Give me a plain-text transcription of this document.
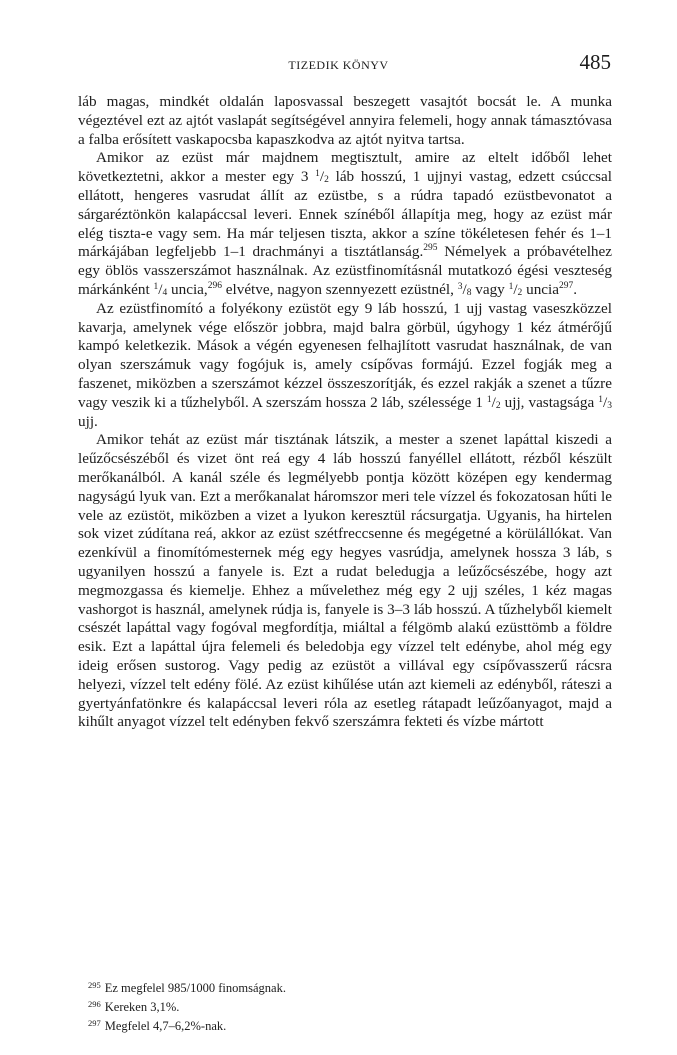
TIZEDIK KÖNYV	485

láb magas, mindkét oldalán laposvassal beszegett vasajtót bocsát le. A munka végeztével ezt az ajtót vaslapát segítségével annyira felemeli, hogy annak támasztóvasa a falba erősített vaskapocsba kapaszkodva az ajtót nyitva tartsa.

Amikor az ezüst már majdnem megtisztult, amire az eltelt időből lehet következtetni, akkor a mester egy 3 $^1/_2$ láb hosszú, 1 ujjnyi vastag, edzett csúccsal ellátott, hengeres vasrudat állít az ezüstbe, s a rúdra tapadó ezüstbevonatot a sárgaréztönkön kalapáccsal leveri. Ennek színéből állapítja meg, hogy az ezüst már elég tiszta-e vagy sem. Ha már teljesen tiszta, akkor a színe tökéletesen fehér és 1–1 márkájában legfeljebb 1–1 drachmányi a tisztátlanság.$^{295}$ Némelyek a próbavételhez egy öblös vasszerszámot használnak. Az ezüstfinomításnál mutatkozó égési veszteség márkánként $^1/_4$ uncia,$^{296}$ elvétve, nagyon szennyezett ezüstnél, $^3/_8$ vagy $^1/_2$ uncia$^{297}$.

Az ezüstfinomító a folyékony ezüstöt egy 9 láb hosszú, 1 ujj vastag vaseszközzel kavarja, amelynek vége először jobbra, majd balra görbül, úgyhogy 1 kéz átmérőjű kampó keletkezik. Mások a végén egyenesen felhajlított vasrudat használnak, de van olyan szerszámuk vagy fogójuk is, amely csípővas formájú. Ezzel fogják meg a faszenet, miközben a szerszámot kézzel összeszorítják, és ezzel rakják a szenet a tűzre vagy veszik ki a tűzhelyből. A szerszám hossza 2 láb, szélessége 1 $^1/_2$ ujj, vastagsága $^1/_3$ ujj.

Amikor tehát az ezüst már tisztának látszik, a mester a szenet lapáttal kiszedi a leűzőcsészéből és vizet önt reá egy 4 láb hosszú fanyéllel ellátott, rézből készült merőkanálból. A kanál széle és legmélyebb pontja között középen egy kendermag nagyságú lyuk van. Ezt a merőkanalat háromszor meri tele vízzel és fokozatosan hűti le vele az ezüstöt, miközben a vizet a lyukon keresztül rácsurgatja. Ugyanis, ha hirtelen sok vizet zúdítana reá, akkor az ezüst szétfreccsenne és megégetné a körülállókat. Van ezenkívül a finomítómesternek még egy hegyes vasrúdja, amelynek hossza 3 láb, s ugyanilyen hosszú a fanyele is. Ezt a rudat beledugja a leűzőcsészébe, hogy azt megmozgassa és kiemelje. Ehhez a művelethez még egy 2 ujj széles, 1 kéz magas vashorgot is használ, amelynek rúdja is, fanyele is 3–3 láb hosszú. A tűzhelyből kiemelt csészét lapáttal vagy fogóval megfordítja, miáltal a félgömb alakú ezüsttömb a földre esik. Ezt a lapáttal újra felemeli és beledobja egy vízzel telt edénybe, ahol még egy ideig erősen sustorog. Vagy pedig az ezüstöt a villával egy csípővasszerű rácsra helyezi, vízzel telt edény fölé. Az ezüst kihűlése után azt kiemeli az edényből, ráteszi a gyertyánfatönkre és kalapáccsal leveri róla az esetleg rátapadt leűzőanyagot, majd a kihűlt anyagot vízzel telt edényben fekvő szerszámra fekteti és vízbe mártott

$^{295}$ Ez megfelel 985/1000 finomságnak.
$^{296}$ Kereken 3,1%.
$^{297}$ Megfelel 4,7–6,2%-nak.
